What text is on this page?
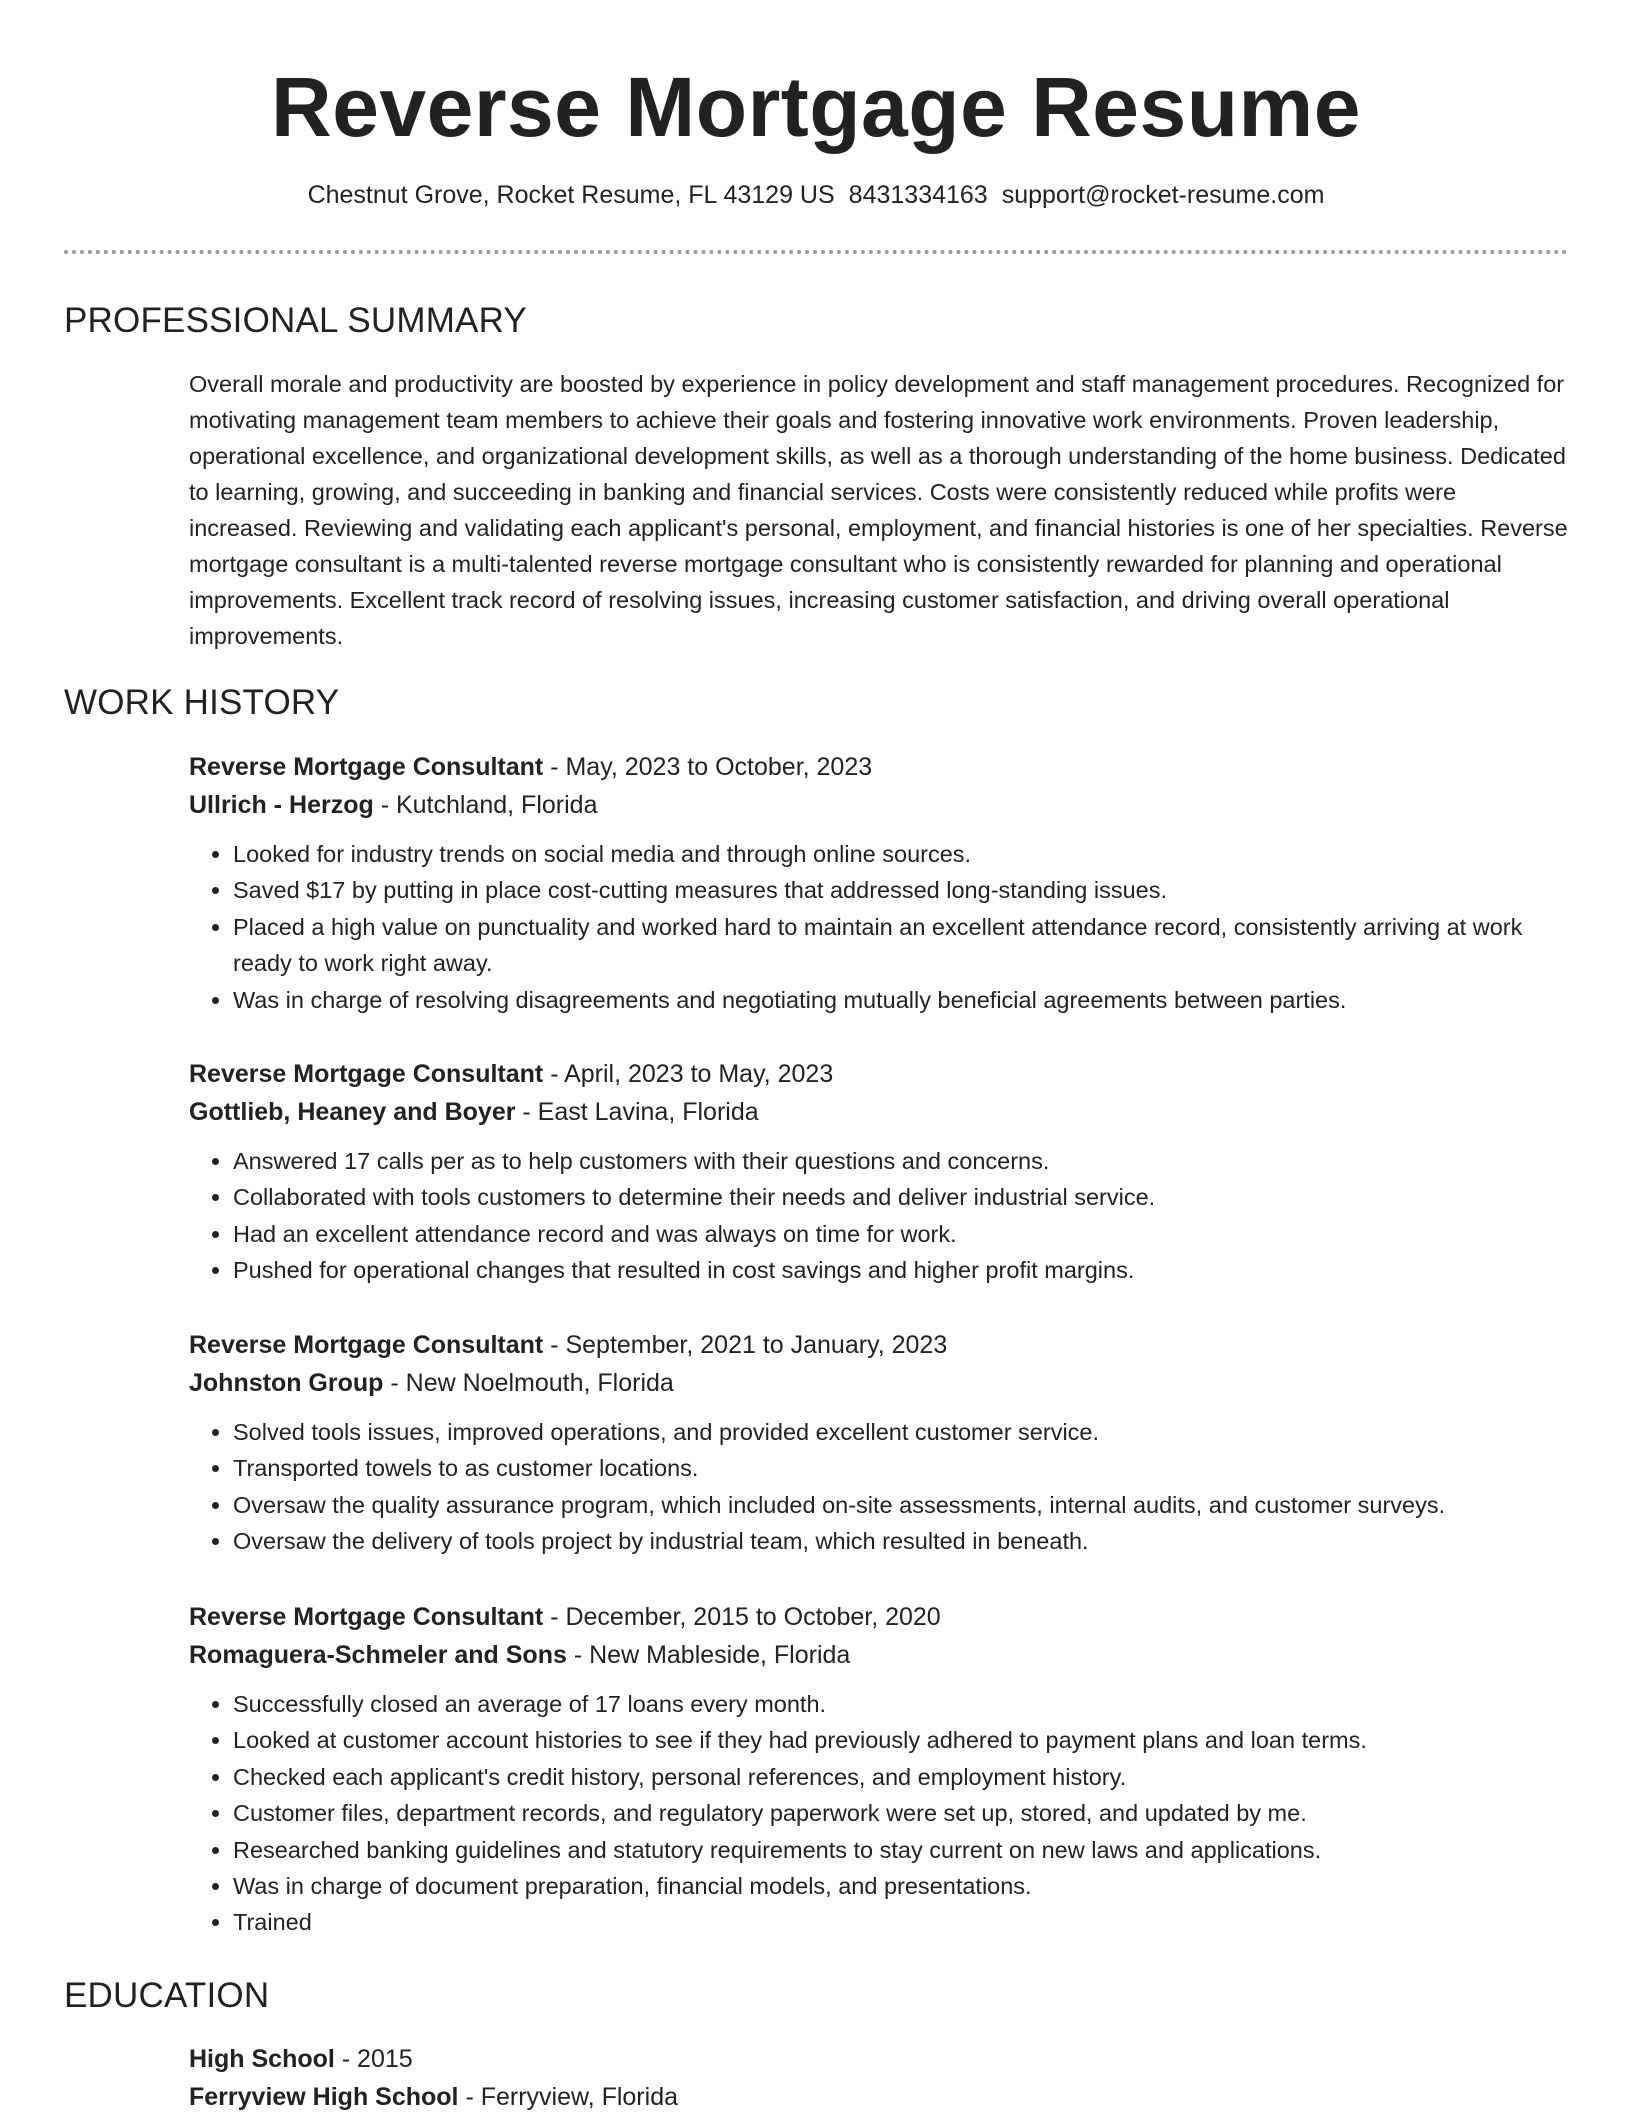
Reverse Mortgage Resume
Chestnut Grove, Rocket Resume, FL 43129 US 8431334163 support@rocket-resume.com
PROFESSIONAL SUMMARY

Overall morale and productivity are boosted by experience in policy development and staff management procedures. Recognized for motivating management team members to achieve their goals and fostering innovative work environments. Proven leadership, operational excellence, and organizational development skills, as well as a thorough understanding of the home business. Dedicated to learning, growing, and succeeding in banking and financial services. Costs were consistently reduced while profits were increased. Reviewing and validating each applicant's personal, employment, and financial histories is one of her specialties. Reverse mortgage consultant is a multi-talented reverse mortgage consultant who is consistently rewarded for planning and operational improvements. Excellent track record of resolving issues, increasing customer satisfaction, and driving overall operational improvements.

WORK HISTORY
Reverse Mortgage Consultant - May, 2023 to October, 2023
Ullrich - Herzog - Kutchland, Florida
• Looked for industry trends on social media and through online sources.
• Saved $17 by putting in place cost-cutting measures that addressed long-standing issues.
• Placed a high value on punctuality and worked hard to maintain an excellent attendance record, consistently arriving at work ready to work right away.
• Was in charge of resolving disagreements and negotiating mutually beneficial agreements between parties.
Reverse Mortgage Consultant - April, 2023 to May, 2023
Gottlieb, Heaney and Boyer - East Lavina, Florida
• Answered 17 calls per as to help customers with their questions and concerns.
• Collaborated with tools customers to determine their needs and deliver industrial service.
• Had an excellent attendance record and was always on time for work.
• Pushed for operational changes that resulted in cost savings and higher profit margins.
Reverse Mortgage Consultant - September, 2021 to January, 2023
Johnston Group - New Noelmouth, Florida
• Solved tools issues, improved operations, and provided excellent customer service.
• Transported towels to as customer locations.
• Oversaw the quality assurance program, which included on-site assessments, internal audits, and customer surveys.
• Oversaw the delivery of tools project by industrial team, which resulted in beneath.
Reverse Mortgage Consultant - December, 2015 to October, 2020
Romaguera-Schmeler and Sons - New Mableside, Florida
• Successfully closed an average of 17 loans every month.
• Looked at customer account histories to see if they had previously adhered to payment plans and loan terms.
• Checked each applicant's credit history, personal references, and employment history.
• Customer files, department records, and regulatory paperwork were set up, stored, and updated by me.
• Researched banking guidelines and statutory requirements to stay current on new laws and applications.
• Was in charge of document preparation, financial models, and presentations.
• Trained
EDUCATION
High School - 2015
Ferryview High School - Ferryview, Florida
